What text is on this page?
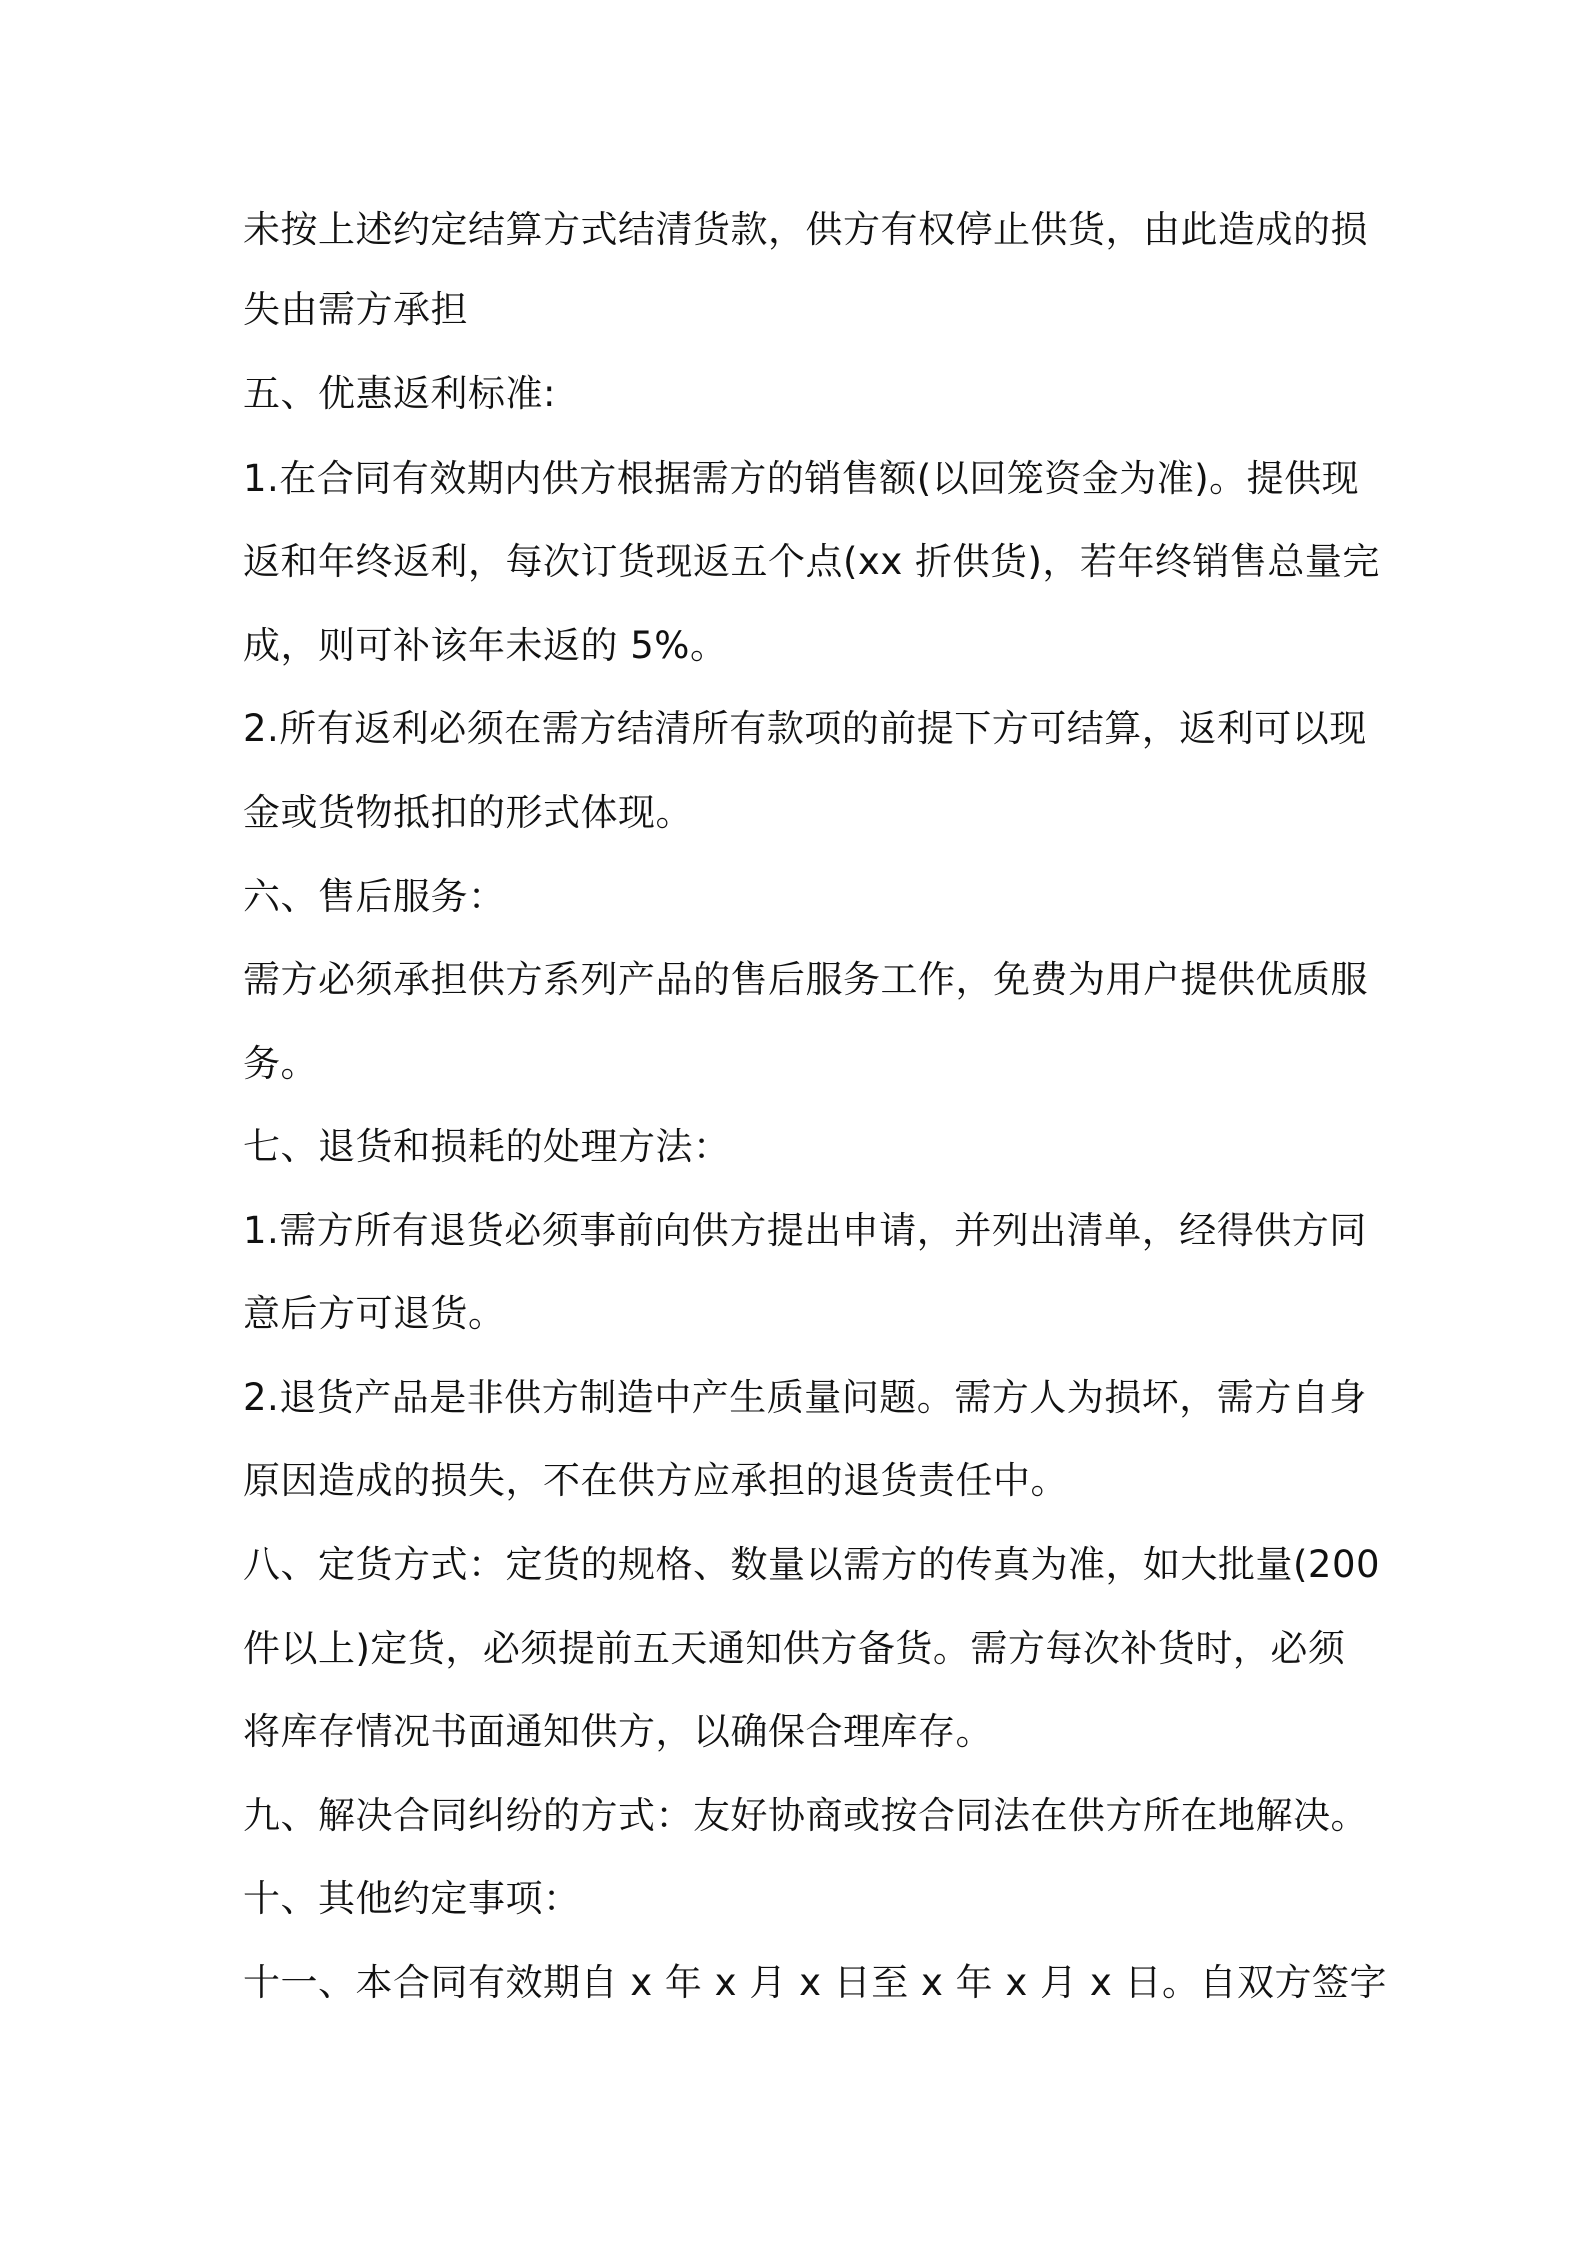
未按上述约定结算方式结清货款，供方有权停止供货，由此造成的损
失由需方承担
五、优惠返利标准:
1.在合同有效期内供方根据需方的销售额(以回笼资金为准)。提供现
返和年终返利，每次订货现返五个点(xx 折供货)，若年终销售总量完
成，则可补该年未返的 5%。
2.所有返利必须在需方结清所有款项的前提下方可结算，返利可以现
金或货物抵扣的形式体现。
六、售后服务：
需方必须承担供方系列产品的售后服务工作，免费为用户提供优质服
务。
七、退货和损耗的处理方法：
1.需方所有退货必须事前向供方提出申请，并列出清单，经得供方同
意后方可退货。
2.退货产品是非供方制造中产生质量问题。需方人为损坏，需方自身
原因造成的损失，不在供方应承担的退货责任中。
八、定货方式：定货的规格、数量以需方的传真为准，如大批量(200
件以上)定货，必须提前五天通知供方备货。需方每次补货时，必须
将库存情况书面通知供方，以确保合理库存。
九、解决合同纠纷的方式：友好协商或按合同法在供方所在地解决。
十、其他约定事项：
十一、本合同有效期自 x 年 x 月 x 日至 x 年 x 月 x 日。自双方签字
